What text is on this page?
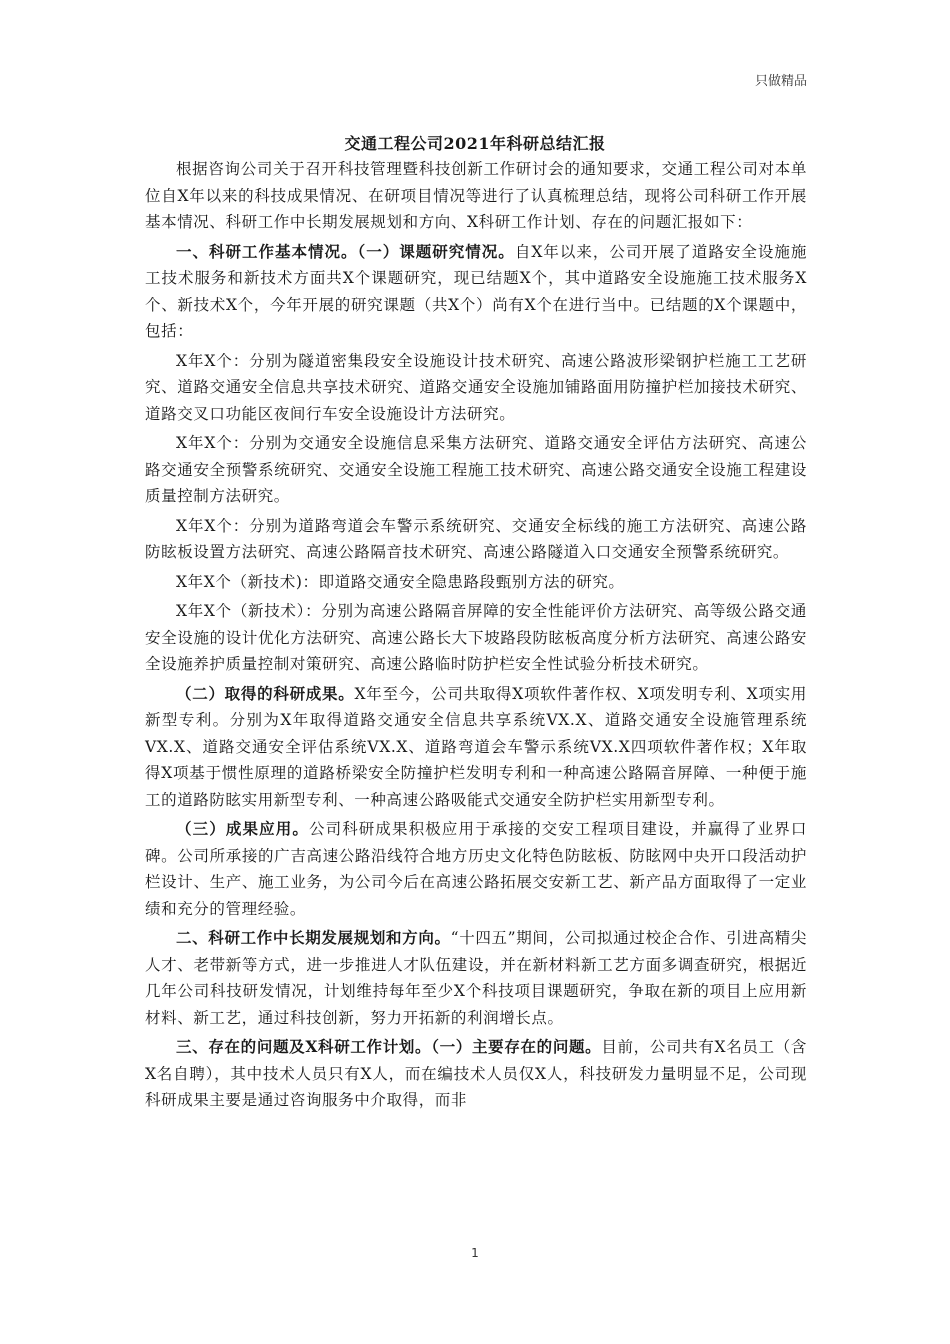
只做精品
交通工程公司2021年科研总结汇报

根据咨询公司关于召开科技管理暨科技创新工作研讨会的通知要求，交通工程公司对本单位自X年以来的科技成果情况、在研项目情况等进行了认真梳理总结，现将公司科研工作开展基本情况、科研工作中长期发展规划和方向、X科研工作计划、存在的问题汇报如下：

一、科研工作基本情况。（一）课题研究情况。自X年以来，公司开展了道路安全设施施工技术服务和新技术方面共X个课题研究，现已结题X个，其中道路安全设施施工技术服务X个、新技术X个，今年开展的研究课题（共X个）尚有X个在进行当中。已结题的X个课题中，包括：

X年X个：分别为隧道密集段安全设施设计技术研究、高速公路波形梁钢护栏施工工艺研究、道路交通安全信息共享技术研究、道路交通安全设施加铺路面用防撞护栏加接技术研究、道路交叉口功能区夜间行车安全设施设计方法研究。

X年X个：分别为交通安全设施信息采集方法研究、道路交通安全评估方法研究、高速公路交通安全预警系统研究、交通安全设施工程施工技术研究、高速公路交通安全设施工程建设质量控制方法研究。

X年X个：分别为道路弯道会车警示系统研究、交通安全标线的施工方法研究、高速公路防眩板设置方法研究、高速公路隔音技术研究、高速公路隧道入口交通安全预警系统研究。

X年X个（新技术)：即道路交通安全隐患路段甄别方法的研究。

X年X个（新技术）：分别为高速公路隔音屏障的安全性能评价方法研究、高等级公路交通安全设施的设计优化方法研究、高速公路长大下坡路段防眩板高度分析方法研究、高速公路安全设施养护质量控制对策研究、高速公路临时防护栏安全性试验分析技术研究。

（二）取得的科研成果。X年至今，公司共取得X项软件著作权、X项发明专利、X项实用新型专利。分别为X年取得道路交通安全信息共享系统VX.X、道路交通安全设施管理系统VX.X、道路交通安全评估系统VX.X、道路弯道会车警示系统VX.X四项软件著作权；X年取得X项基于惯性原理的道路桥梁安全防撞护栏发明专利和一种高速公路隔音屏障、一种便于施工的道路防眩实用新型专利、一种高速公路吸能式交通安全防护栏实用新型专利。

（三）成果应用。公司科研成果积极应用于承接的交安工程项目建设，并赢得了业界口碑。公司所承接的广吉高速公路沿线符合地方历史文化特色防眩板、防眩网中央开口段活动护栏设计、生产、施工业务，为公司今后在高速公路拓展交安新工艺、新产品方面取得了一定业绩和充分的管理经验。

二、科研工作中长期发展规划和方向。“十四五”期间，公司拟通过校企合作、引进高精尖人才、老带新等方式，进一步推进人才队伍建设，并在新材料新工艺方面多调查研究，根据近几年公司科技研发情况，计划维持每年至少X个科技项目课题研究，争取在新的项目上应用新材料、新工艺，通过科技创新，努力开拓新的利润增长点。

三、存在的问题及X科研工作计划。（一）主要存在的问题。目前，公司共有X名员工（含X名自聘），其中技术人员只有X人，而在编技术人员仅X人，科技研发力量明显不足，公司现科研成果主要是通过咨询服务中介取得，而非

1
